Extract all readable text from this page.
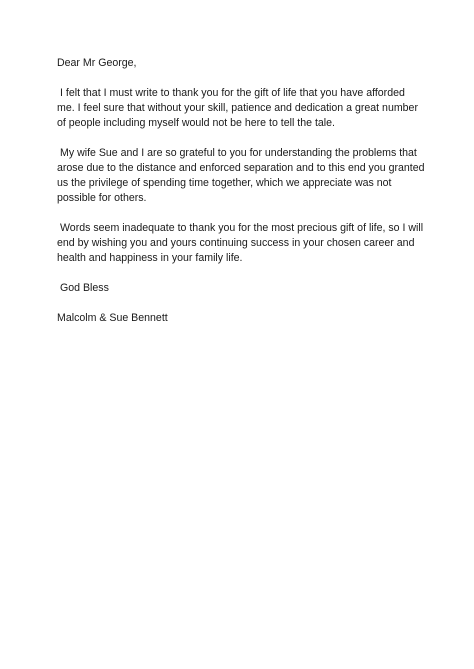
Dear Mr George,

I felt that I must write to thank you for the gift of life that you have afforded
me. I feel sure that without your skill, patience and dedication a great number
of people including myself would not be here to tell the tale.

My wife Sue and I are so grateful to you for understanding the problems that
arose due to the distance and enforced separation and to this end you granted
us the privilege of spending time together, which we appreciate was not
possible for others.

Words seem inadequate to thank you for the most precious gift of life, so I will
end by wishing you and yours continuing success in your chosen career and
health and happiness in your family life.

God Bless

Malcolm & Sue Bennett
